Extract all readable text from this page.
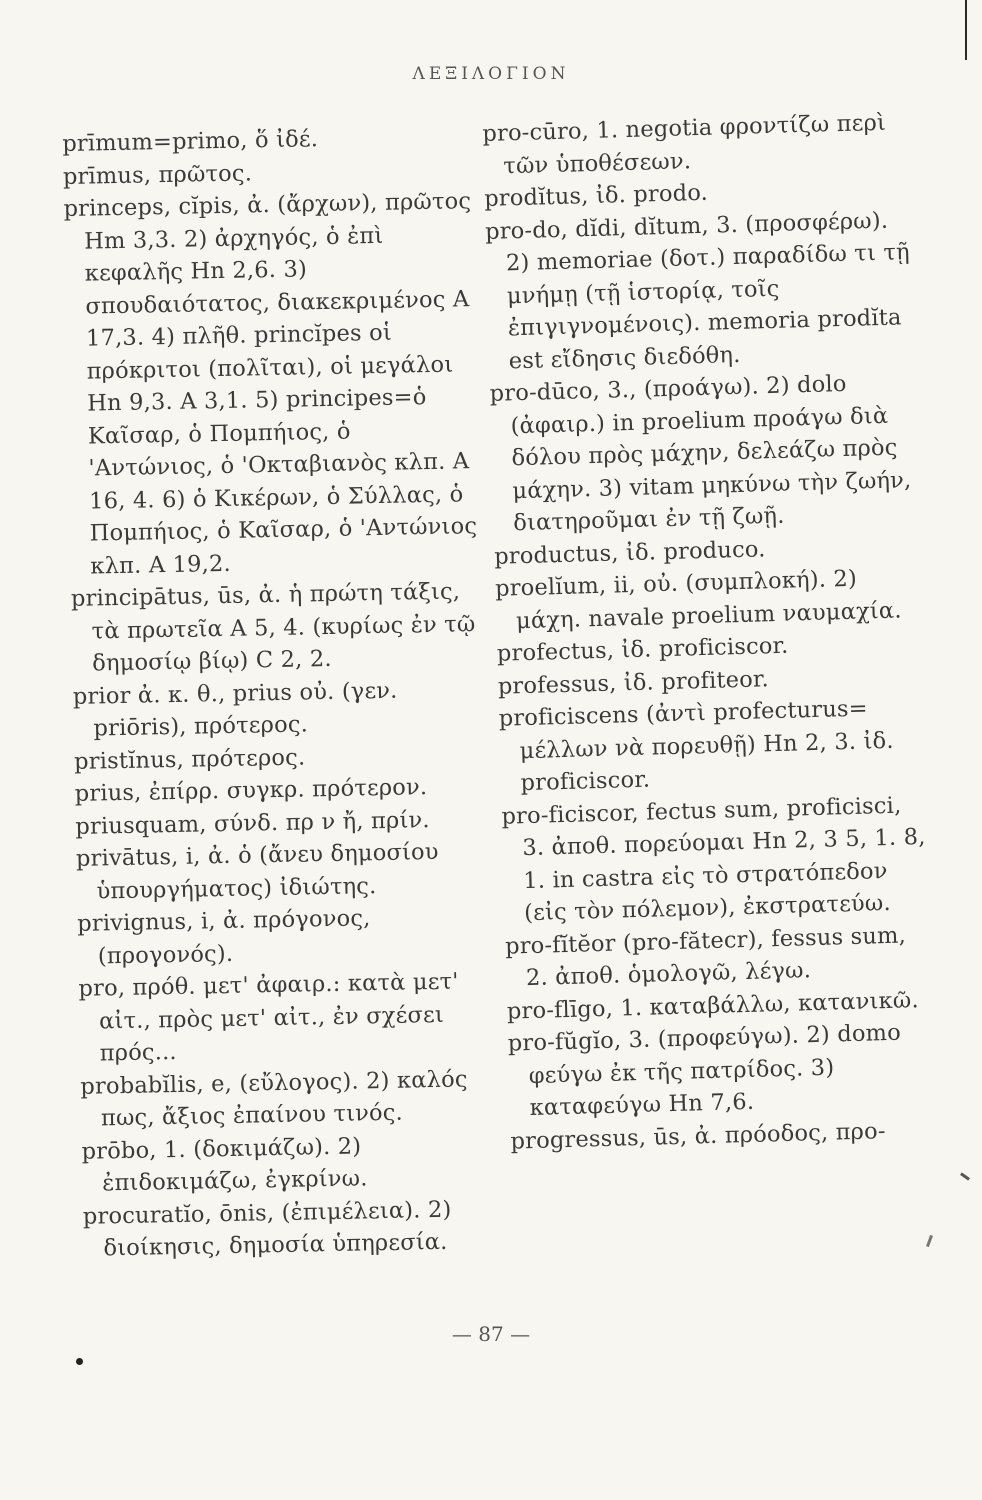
ΛΕΞΙΛΟΓΙΟΝ

prīmum=primo, ὅ ἰδέ.

prīmus, πρῶτος.

princeps, cĭpis, ἀ. (ἄρχων), πρῶτος Hm 3,3. 2) ἀρχηγός, ὁ ἐπὶ κεφαλῆς Hn 2,6. 3) σπουδαιότατος, διακεκριμένος A 17,3. 4) πλῆθ. princĭpes οἱ πρόκριτοι (πολῖται), οἱ μεγάλοι Hn 9,3. A 3,1. 5) principes=ὁ Καῖσαρ, ὁ Πομπήιος, ὁ 'Αντώνιος, ὁ 'Οκταβιανὸς κλπ. A 16, 4. 6) ὁ Κικέρων, ὁ Σύλλας, ὁ Πομπήιος, ὁ Καῖσαρ, ὁ 'Αντώνιος κλπ. A 19,2.

principātus, ūs, ἀ. ἡ πρώτη τάξις, τὰ πρωτεῖα A 5, 4. (κυρίως ἐν τῷ δημοσίῳ βίῳ) C 2, 2.

prior ἀ. κ. θ., prius οὐ. (γεν. priōris), πρότερος.

pristĭnus, πρότερος.

prius, ἐπίρρ. συγκρ. πρότερον.

priusquam, σύνδ. πρ ν ἤ, πρίν.

privātus, i, ἀ. ὁ (ἄνευ δημοσίου ὑπουργήματος) ἰδιώτης.

privignus, i, ἀ. πρόγονος, (προγονός).

pro, πρόθ. μετ' ἀφαιρ.: κατὰ μετ' αἰτ., πρὸς μετ' αἰτ., ἐν σχέσει πρός...

probabĭlis, e, (εὔλογος). 2) καλός πως, ἄξιος ἐπαίνου τινός.

prōbo, 1. (δοκιμάζω). 2) ἐπιδοκιμάζω, ἐγκρίνω.

procuratĭo, ōnis, (ἐπιμέλεια). 2) διοίκησις, δημοσία ὑπηρεσία.

pro-cūro, 1. negotia φροντίζω περὶ τῶν ὑποθέσεων.

prodĭtus, ἰδ. prodo.

pro-do, dĭdi, dĭtum, 3. (προσφέρω). 2) memoriae (δοτ.) παραδίδω τι τῇ μνήμῃ (τῇ ἱστορίᾳ, τοῖς ἐπιγιγνομένοις). memoria prodĭta est εἴδησις διεδόθη.

pro-dūco, 3., (προάγω). 2) dolo (ἀφαιρ.) in proelium προάγω διὰ δόλου πρὸς μάχην, δελεάζω πρὸς μάχην. 3) vitam μηκύνω τὴν ζωήν, διατηροῦμαι ἐν τῇ ζωῇ.

productus, ἰδ. produco.

proelĭum, ii, οὐ. (συμπλοκή). 2) μάχη. navale proelium ναυμαχία.

profectus, ἰδ. proficiscor.

professus, ἰδ. profiteor.

proficiscens (ἀντὶ profecturus= μέλλων νὰ πορευθῇ) Hn 2, 3. ἰδ. proficiscor.

pro-ficiscor, fectus sum, proficisci, 3. ἀποθ. πορεύομαι Hn 2, 3 5, 1. 8, 1. in castra εἰς τὸ στρατόπεδον (εἰς τὸν πόλεμον), ἐκστρατεύω.

pro-fĭtĕor (pro-fătecr), fessus sum, 2. ἀποθ. ὁμολογῶ, λέγω.

pro-flīgo, 1. καταβάλλω, κατανικῶ.

pro-fŭgĭo, 3. (προφεύγω). 2) domo φεύγω ἐκ τῆς πατρίδος. 3) καταφεύγω Hn 7,6.

progressus, ūs, ἀ. πρόοδος, προ-

— 87 —
